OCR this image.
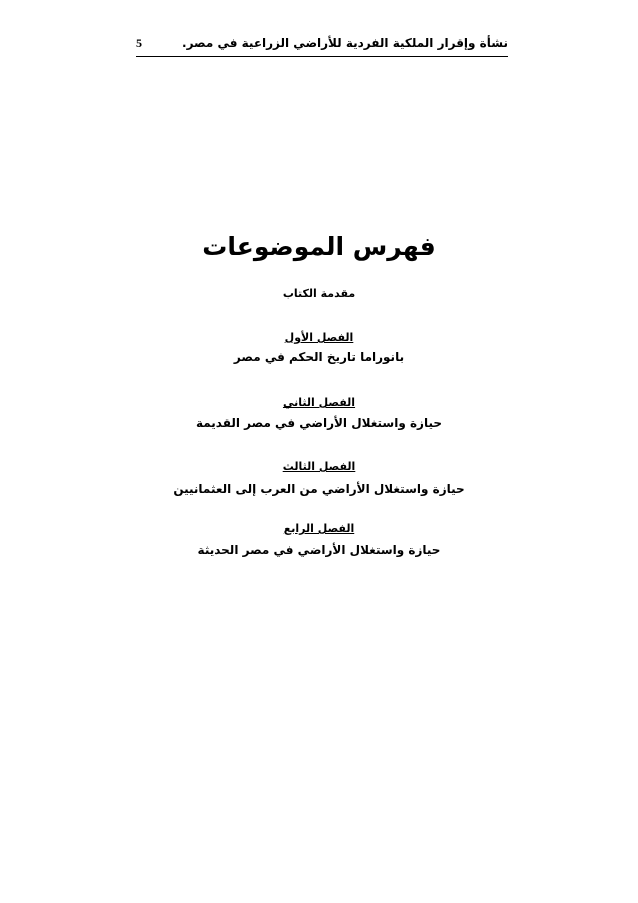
نشأة وإقرار الملكية الفردية للأراضي الزراعية في مصر.
5
فهرس الموضوعات
مقدمة الكتاب
الفصل الأول
بانوراما تاريخ الحكم في مصر
الفصل الثاني
حيازة واستغلال الأراضي في مصر القديمة
الفصل الثالث
حيازة واستغلال الأراضي من العرب إلى العثمانيين
الفصل الرابع
حيازة واستغلال الأراضي في مصر الحديثة
